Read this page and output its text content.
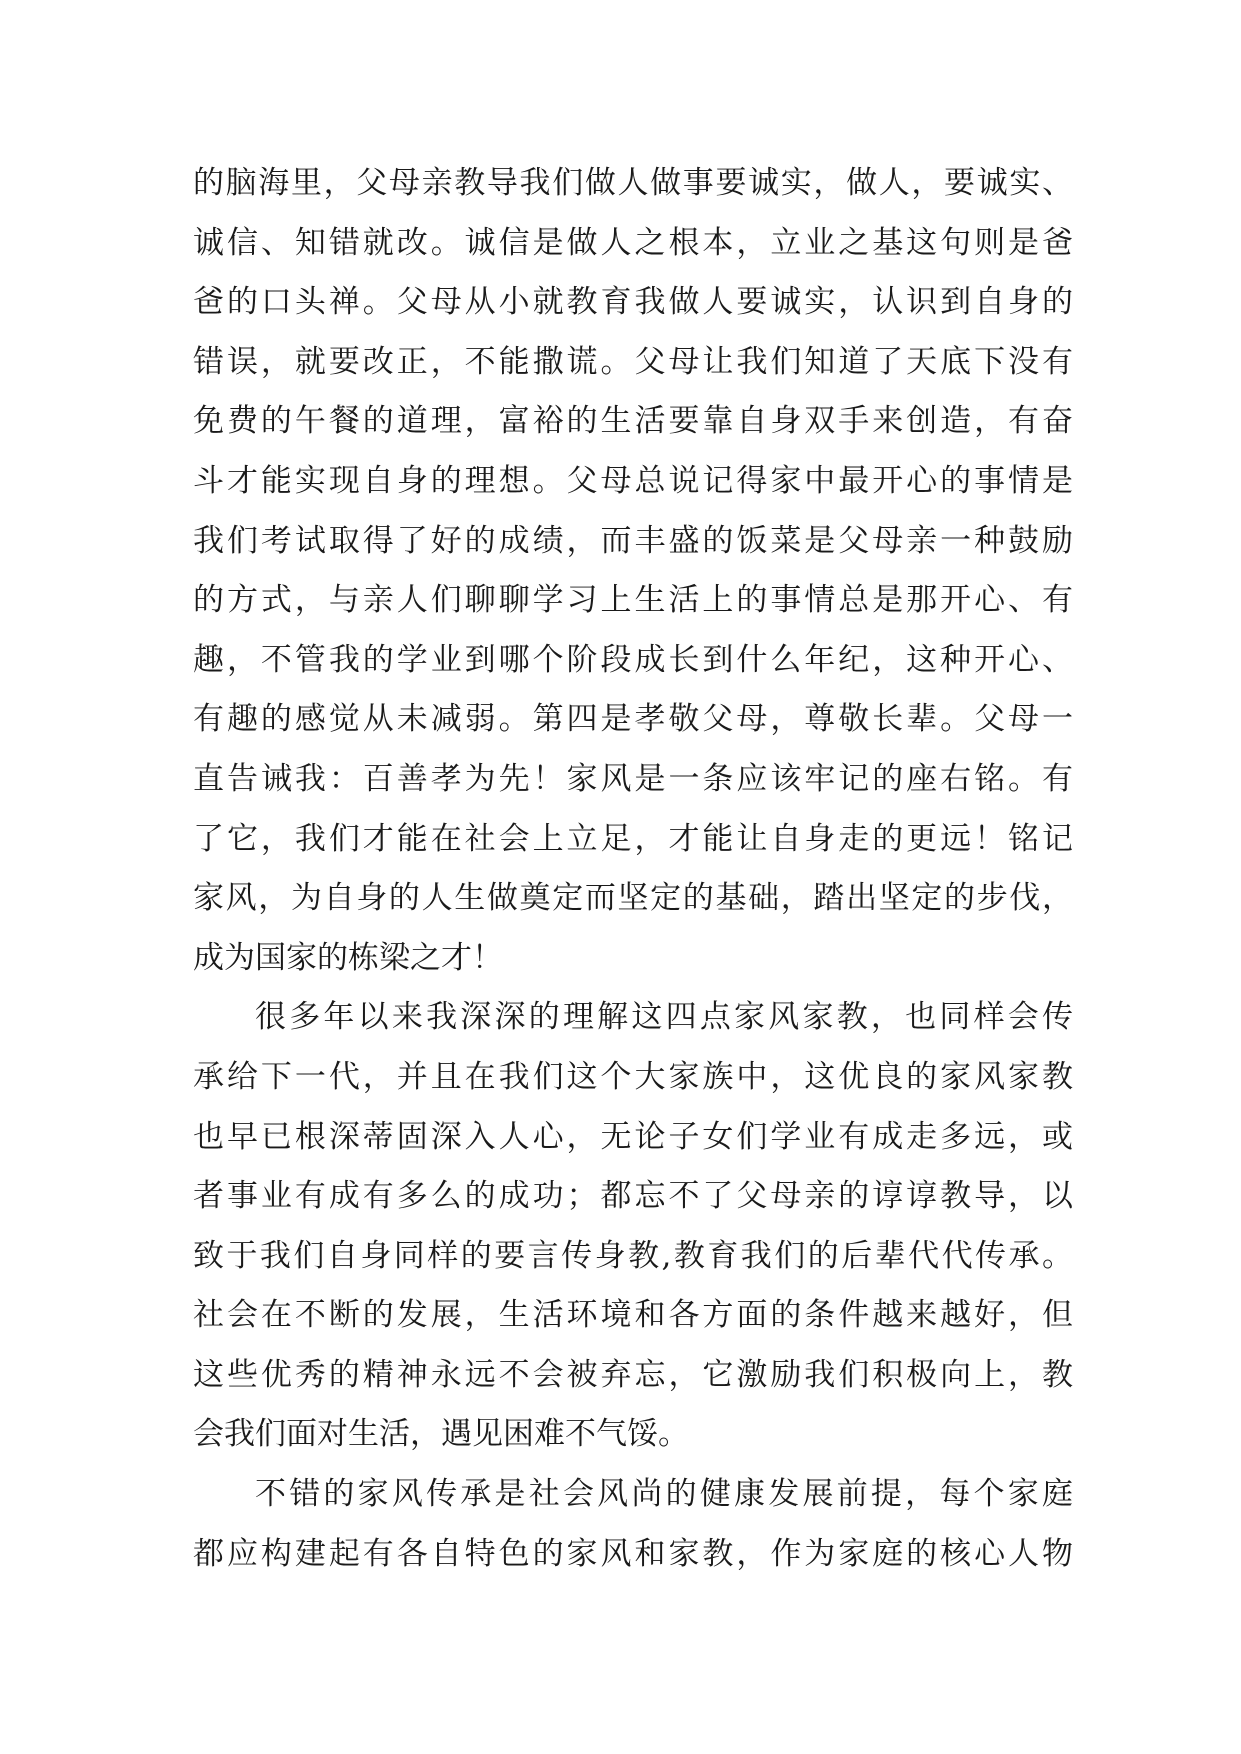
的脑海里，父母亲教导我们做人做事要诚实，做人，要诚实、
诚信、知错就改。诚信是做人之根本，立业之基这句则是爸
爸的口头禅。父母从小就教育我做人要诚实，认识到自身的
错误，就要改正，不能撒谎。父母让我们知道了天底下没有
免费的午餐的道理，富裕的生活要靠自身双手来创造，有奋
斗才能实现自身的理想。父母总说记得家中最开心的事情是
我们考试取得了好的成绩，而丰盛的饭菜是父母亲一种鼓励
的方式，与亲人们聊聊学习上生活上的事情总是那开心、有
趣，不管我的学业到哪个阶段成长到什么年纪，这种开心、
有趣的感觉从未减弱。第四是孝敬父母，尊敬长辈。父母一
直告诫我：百善孝为先！家风是一条应该牢记的座右铭。有
了它，我们才能在社会上立足，才能让自身走的更远！铭记
家风，为自身的人生做奠定而坚定的基础，踏出坚定的步伐，
成为国家的栋梁之才！
很多年以来我深深的理解这四点家风家教，也同样会传
承给下一代，并且在我们这个大家族中，这优良的家风家教
也早已根深蒂固深入人心，无论子女们学业有成走多远，或
者事业有成有多么的成功；都忘不了父母亲的谆谆教导，以
致于我们自身同样的要言传身教,教育我们的后辈代代传承。
社会在不断的发展，生活环境和各方面的条件越来越好，但
这些优秀的精神永远不会被弃忘，它激励我们积极向上，教
会我们面对生活，遇见困难不气馁。
不错的家风传承是社会风尚的健康发展前提，每个家庭
都应构建起有各自特色的家风和家教，作为家庭的核心人物
